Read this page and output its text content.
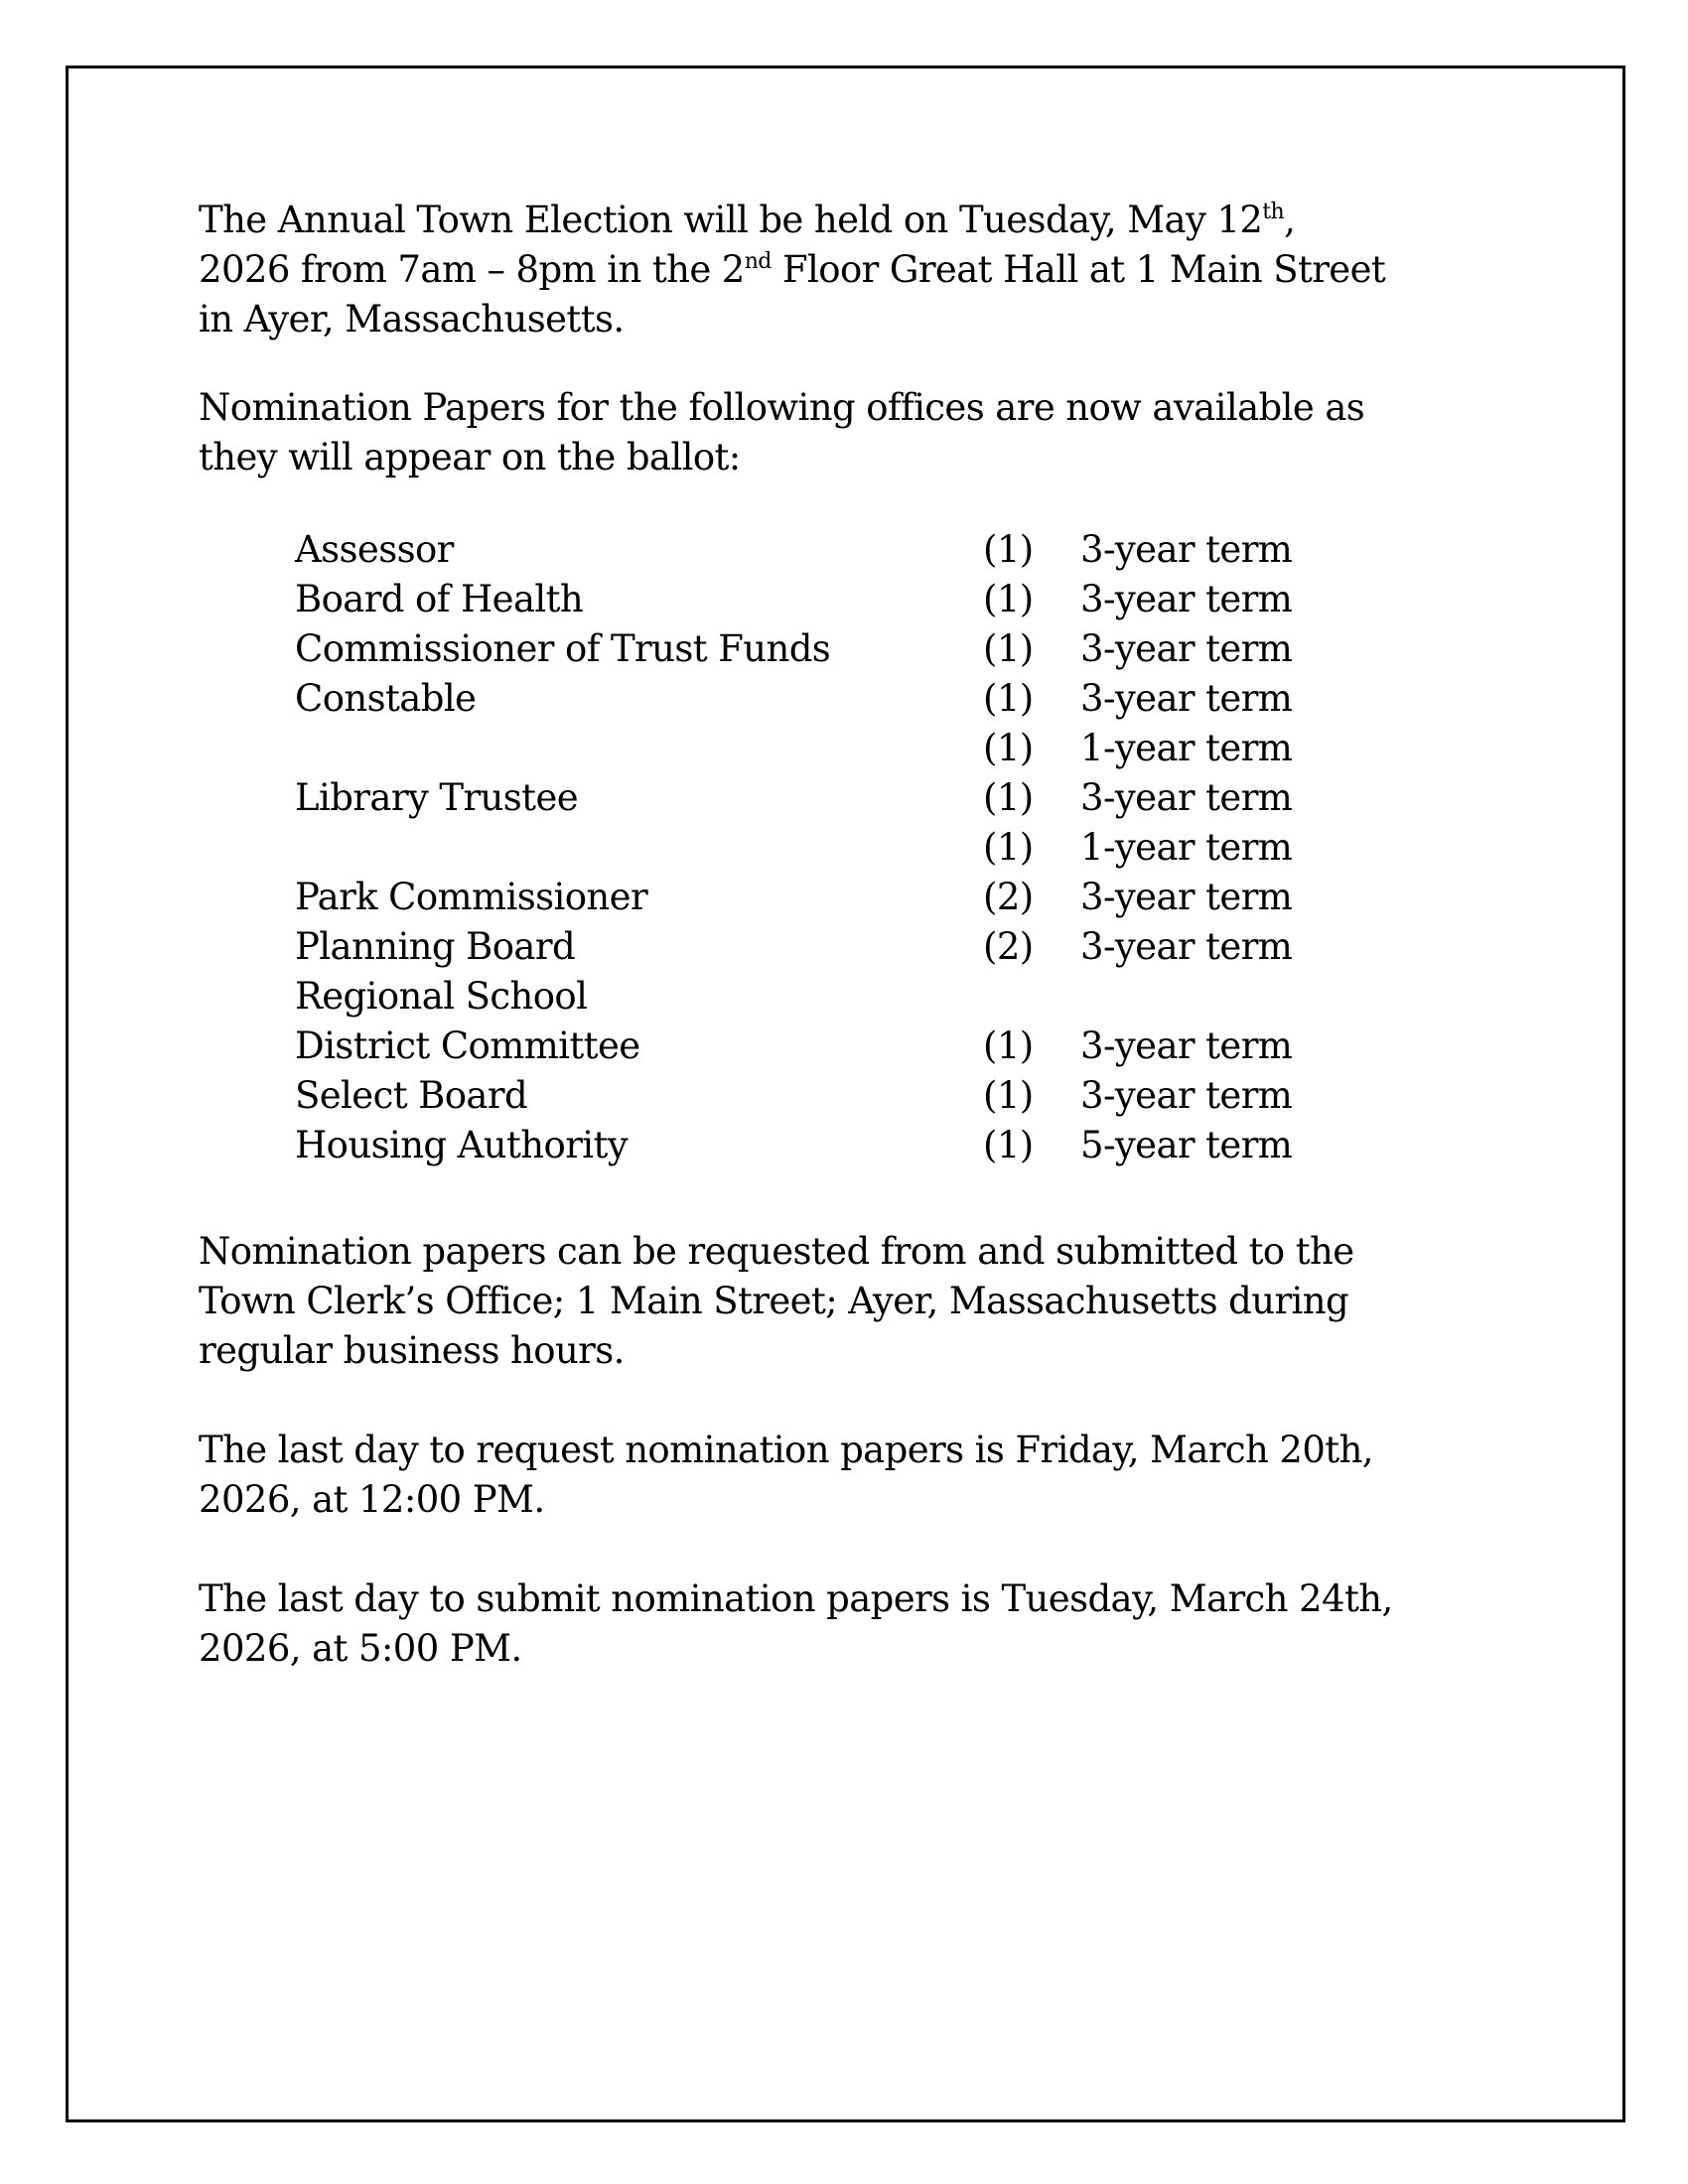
The Annual Town Election will be held on Tuesday, May 12th,
2026 from 7am – 8pm in the 2nd Floor Great Hall at 1 Main Street
in Ayer, Massachusetts.
Nomination Papers for the following offices are now available as
they will appear on the ballot:
Assessor	(1) 3-year term
Board of Health	(1) 3-year term
Commissioner of Trust Funds	(1) 3-year term
Constable	(1) 3-year term
(1) 1-year term
Library Trustee	(1) 3-year term
(1) 1-year term
Park Commissioner	(2) 3-year term
Planning Board	(2) 3-year term
Regional School
District Committee	(1) 3-year term
Select Board	(1) 3-year term
Housing Authority	(1) 5-year term
Nomination papers can be requested from and submitted to the
Town Clerk’s Office; 1 Main Street; Ayer, Massachusetts during
regular business hours.
The last day to request nomination papers is Friday, March 20th,
2026, at 12:00 PM.
The last day to submit nomination papers is Tuesday, March 24th,
2026, at 5:00 PM.
